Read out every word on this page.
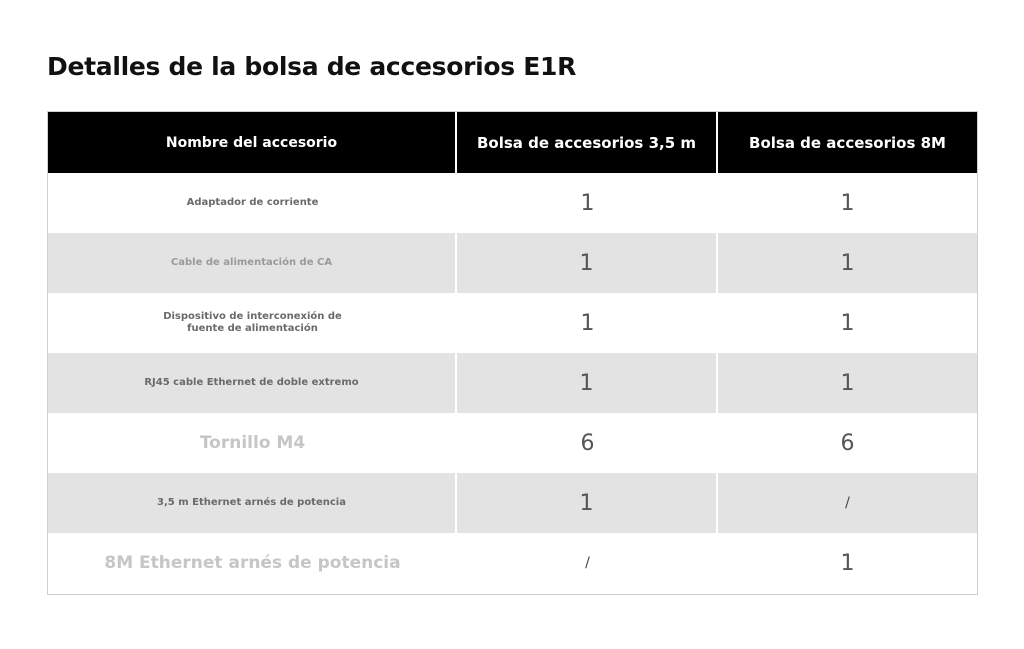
Detalles de la bolsa de accesorios E1R
Nombre del accesorio	Bolsa de accesorios 3,5 m	Bolsa de accesorios 8M
Adaptador de corriente	1	1
Cable de alimentación de CA	1	1
Dispositivo de interconexión de fuente de alimentación	1	1
RJ45 cable Ethernet de doble extremo	1	1
Tornillo M4	6	6
3,5 m Ethernet arnés de potencia	1	/
8M Ethernet arnés de potencia	/	1
